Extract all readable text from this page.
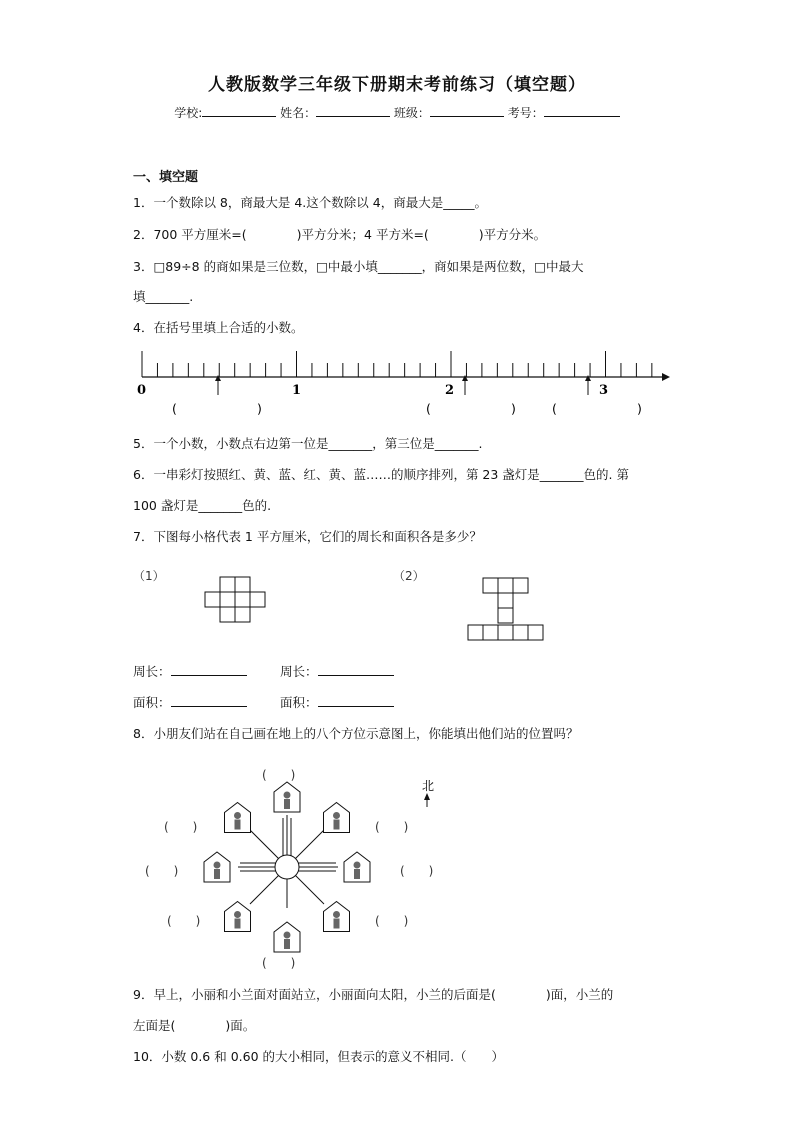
人教版数学三年级下册期末考前练习（填空题）
学校:	姓名：	班级：	考号：
一、填空题
1．一个数除以 8，商最大是 4.这个数除以 4，商最大是_____。
2．700 平方厘米=(　　　　)平方分米；4 平方米=(　　　　)平方分米。
3．□89÷8 的商如果是三位数，□中最小填_______，商如果是两位数，□中最大
填_______.
4．在括号里填上合适的小数。
0	1	2	3
(	)	(	)	(	)
5．一个小数，小数点右边第一位是_______，第三位是_______.
6．一串彩灯按照红、黄、蓝、红、黄、蓝……的顺序排列，第 23 盏灯是_______色的. 第
100 盏灯是_______色的.
7．下图每小格代表 1 平方厘米，它们的周长和面积各是多少？
（1）	（2）
周长：	周长：
面积：	面积：
8．小朋友们站在自己画在地上的八个方位示意图上，你能填出他们站的位置吗？
北
(　　)
(　　)	(　　)
(　　)	(　　)
(　　)	(　　)
(　　)
9．早上，小丽和小兰面对面站立，小丽面向太阳，小兰的后面是(　　　　)面，小兰的
左面是(　　　　)面。
10．小数 0.6 和 0.60 的大小相同，但表示的意义不相同.（　　）
